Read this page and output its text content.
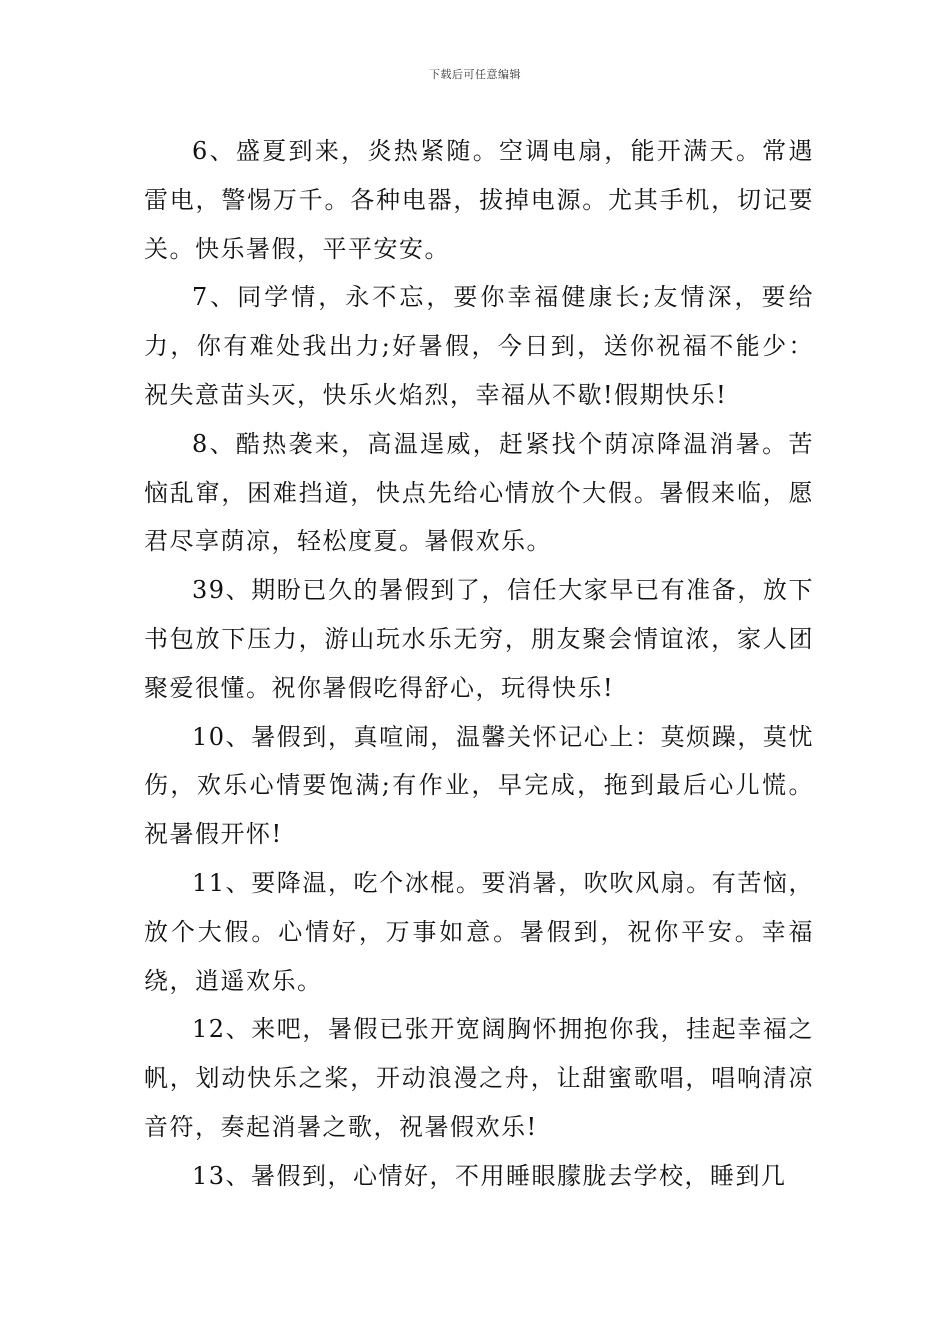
下载后可任意编辑

6、盛夏到来，炎热紧随。空调电扇，能开满天。常遇雷电，警惕万千。各种电器，拔掉电源。尤其手机，切记要关。快乐暑假，平平安安。

7、同学情，永不忘，要你幸福健康长;友情深，要给力，你有难处我出力;好暑假，今日到，送你祝福不能少：祝失意苗头灭，快乐火焰烈，幸福从不歇!假期快乐!

8、酷热袭来，高温逞威，赶紧找个荫凉降温消暑。苦恼乱窜，困难挡道，快点先给心情放个大假。暑假来临，愿君尽享荫凉，轻松度夏。暑假欢乐。

39、期盼已久的暑假到了，信任大家早已有准备，放下书包放下压力，游山玩水乐无穷，朋友聚会情谊浓，家人团聚爱很懂。祝你暑假吃得舒心，玩得快乐!

10、暑假到，真喧闹，温馨关怀记心上：莫烦躁，莫忧伤，欢乐心情要饱满;有作业，早完成，拖到最后心儿慌。祝暑假开怀!

11、要降温，吃个冰棍。要消暑，吹吹风扇。有苦恼，放个大假。心情好，万事如意。暑假到，祝你平安。幸福绕，逍遥欢乐。

12、来吧，暑假已张开宽阔胸怀拥抱你我，挂起幸福之帆，划动快乐之桨，开动浪漫之舟，让甜蜜歌唱，唱响清凉音符，奏起消暑之歌，祝暑假欢乐!

13、暑假到，心情好，不用睡眼朦胧去学校，睡到几
